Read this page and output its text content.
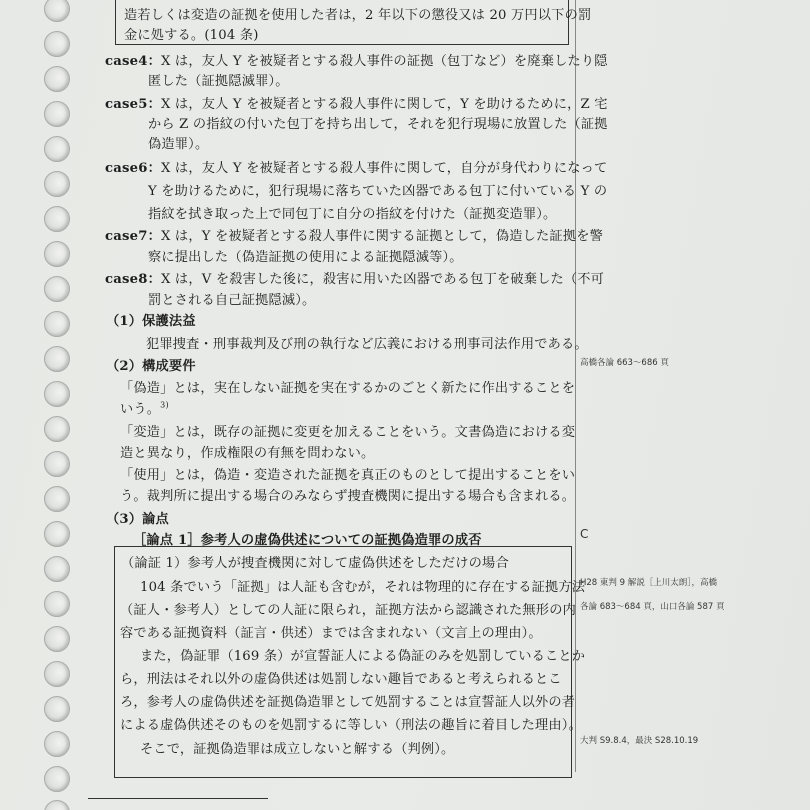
造若しくは変造の証拠を使用した者は，2 年以下の懲役又は 20 万円以下の罰
金に処する。(104 条)
case4：X は，友人 Y を被疑者とする殺人事件の証拠（包丁など）を廃棄したり隠
匿した（証拠隠滅罪）。
case5：X は，友人 Y を被疑者とする殺人事件に関して，Y を助けるために，Z 宅
から Z の指紋の付いた包丁を持ち出して，それを犯行現場に放置した（証拠
偽造罪）。
case6：X は，友人 Y を被疑者とする殺人事件に関して，自分が身代わりになって
Y を助けるために，犯行現場に落ちていた凶器である包丁に付いている Y の
指紋を拭き取った上で同包丁に自分の指紋を付けた（証拠変造罪）。
case7：X は，Y を被疑者とする殺人事件に関する証拠として，偽造した証拠を警
察に提出した（偽造証拠の使用による証拠隠滅等）。
case8：X は，V を殺害した後に，殺害に用いた凶器である包丁を破棄した（不可
罰とされる自己証拠隠滅）。
（1）保護法益
犯罪捜査・刑事裁判及び刑の執行など広義における刑事司法作用である。
（2）構成要件
「偽造」とは，実在しない証拠を実在するかのごとく新たに作出することを
いう。$^{3)}$
「変造」とは，既存の証拠に変更を加えることをいう。文書偽造における変
造と異なり，作成権限の有無を問わない。
「使用」とは，偽造・変造された証拠を真正のものとして提出することをい
う。裁判所に提出する場合のみならず捜査機関に提出する場合も含まれる。
（3）論点
［論点 1］参考人の虚偽供述についての証拠偽造罪の成否
（論証 1）参考人が捜査機関に対して虚偽供述をしただけの場合
104 条でいう「証拠」は人証も含むが，それは物理的に存在する証拠方法
（証人・参考人）としての人証に限られ，証拠方法から認識された無形の内
容である証拠資料（証言・供述）までは含まれない（文言上の理由）。
また，偽証罪（169 条）が宣誓証人による偽証のみを処罰していることか
ら，刑法はそれ以外の虚偽供述は処罰しない趣旨であると考えられるとこ
ろ，参考人の虚偽供述を証拠偽造罪として処罰することは宣誓証人以外の者
による虚偽供述そのものを処罰するに等しい（刑法の趣旨に着目した理由）。
そこで，証拠偽造罪は成立しないと解する（判例）。
高橋各論 663～686 頁
C
H28 東判 9 解説［上川太朗］，高橋
各論 683～684 頁，山口各論 587 頁
大判 S9.8.4，最決 S28.10.19
